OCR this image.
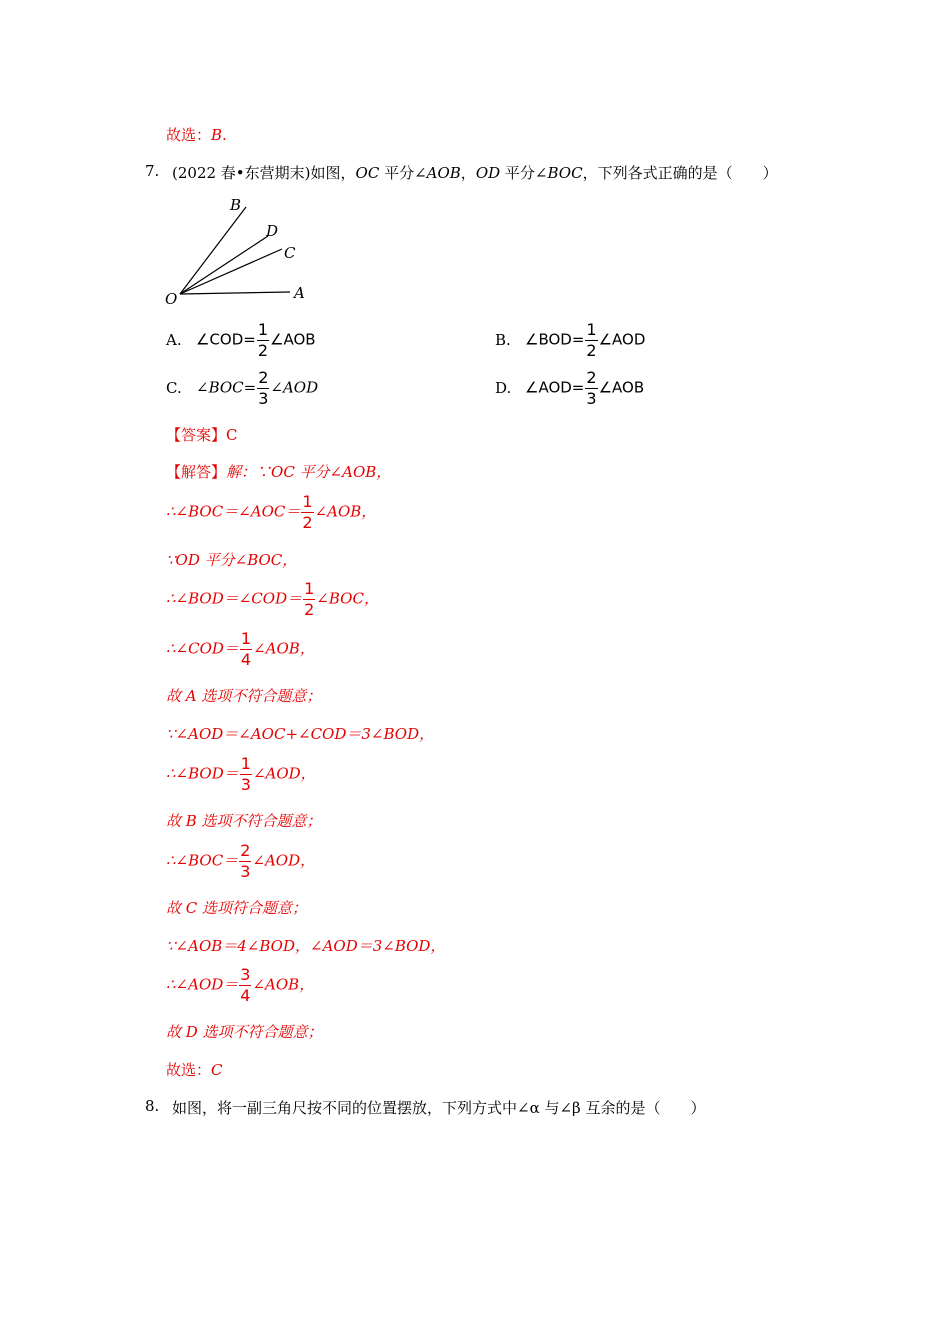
故选：B.
7. (2022 春•东营期末)如图，OC 平分∠AOB，OD 平分∠BOC，下列各式正确的是（　　）
B
D
C
O	A
A. ∠COD= $\frac{1}{2}$ ∠AOB	B. ∠BOD= $\frac{1}{2}$ ∠AOD
C. ∠BOC= $\frac{2}{3}$ ∠AOD	D. ∠AOD= $\frac{2}{3}$ ∠AOB
【答案】C
【解答】解：∵OC 平分∠AOB，
∴∠BOC＝∠AOC＝ $\frac{1}{2}$ ∠AOB，
∵OD 平分∠BOC，
∴∠BOD＝∠COD＝ $\frac{1}{2}$ ∠BOC，
∴∠COD＝ $\frac{1}{4}$ ∠AOB，
故 A 选项不符合题意；
∵∠AOD＝∠AOC+∠COD＝3∠BOD，
∴∠BOD＝ $\frac{1}{3}$ ∠AOD，
故 B 选项不符合题意；
∴∠BOC＝ $\frac{2}{3}$ ∠AOD，
故 C 选项符合题意；
∵∠AOB＝4∠BOD，∠AOD＝3∠BOD，
∴∠AOD＝ $\frac{3}{4}$ ∠AOB，
故 D 选项不符合题意；
故选：C
8. 如图，将一副三角尺按不同的位置摆放，下列方式中∠α 与∠β 互余的是（　　）
